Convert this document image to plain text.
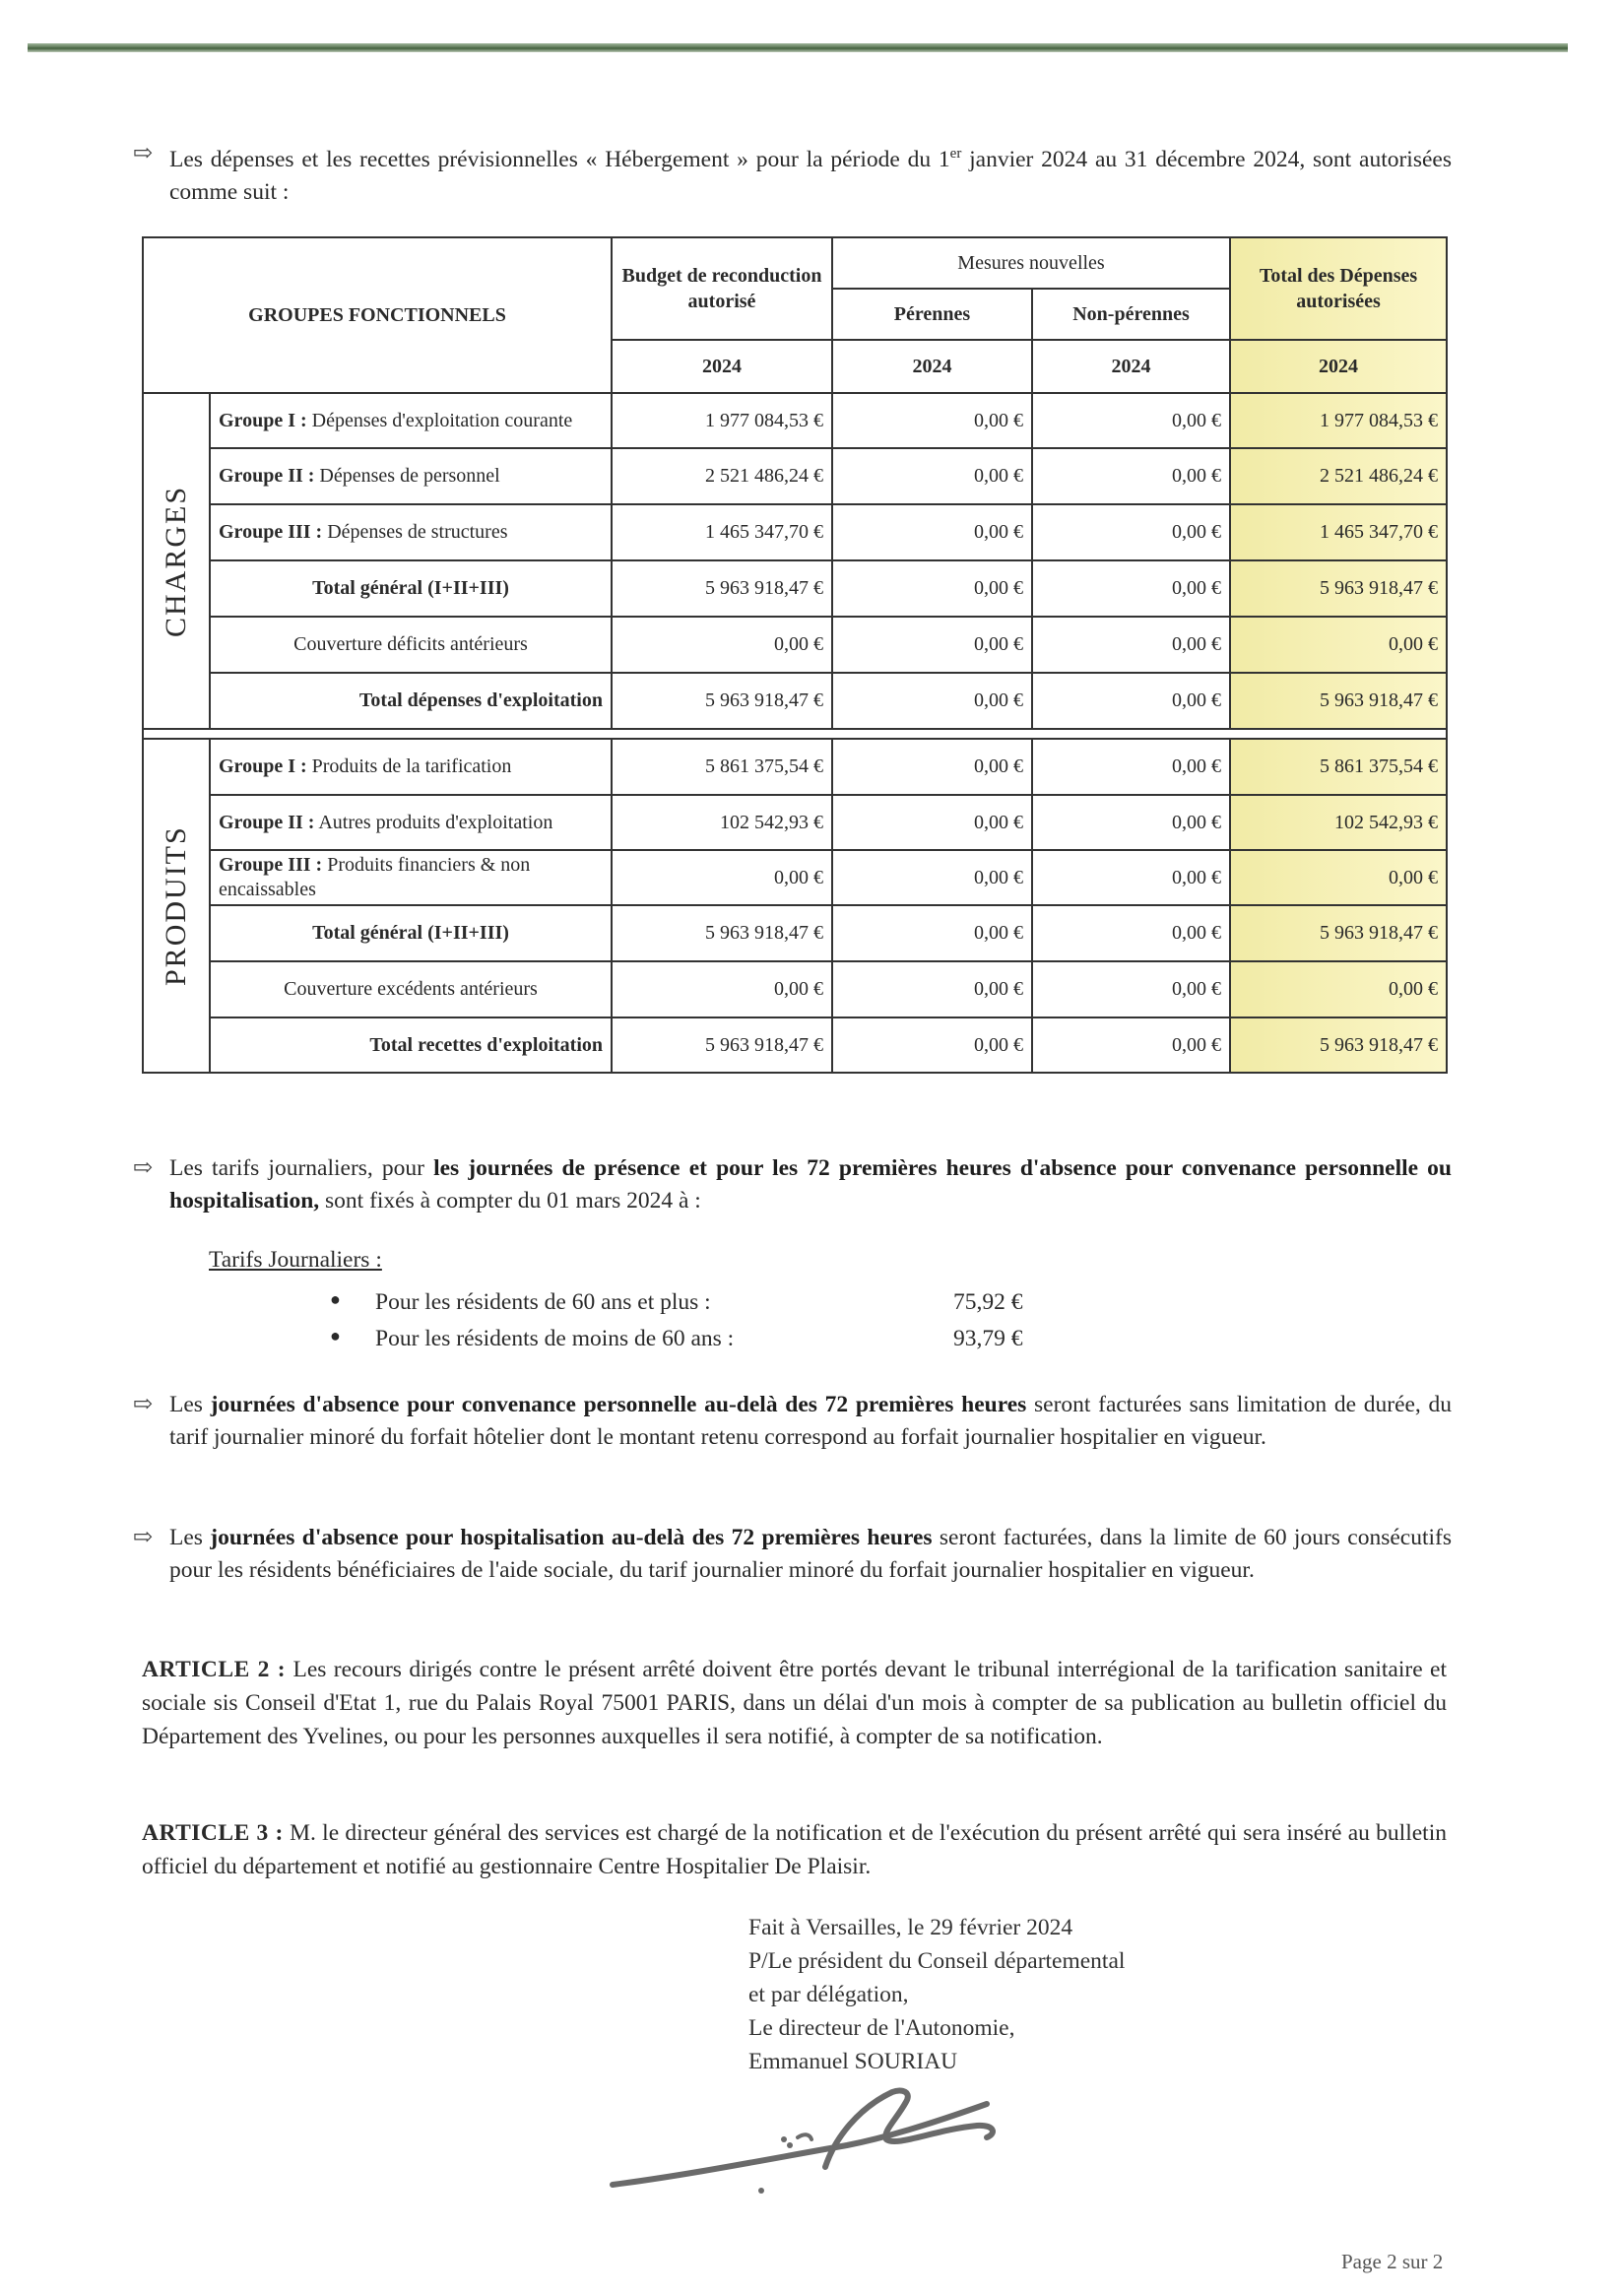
⇨ Les dépenses et les recettes prévisionnelles « Hébergement » pour la période du 1er janvier 2024 au 31 décembre 2024, sont autorisées comme suit :
GROUPES FONCTIONNELS		Budget de reconduction autorisé	Mesures nouvelles		Total des Dépenses autorisées
			Pérennes	Non-pérennes	
		2024	2024	2024	2024
CHARGES	Groupe I : Dépenses d'exploitation courante	1 977 084,53 €	0,00 €	0,00 €	1 977 084,53 €
	Groupe II : Dépenses de personnel	2 521 486,24 €	0,00 €	0,00 €	2 521 486,24 €
	Groupe III : Dépenses de structures	1 465 347,70 €	0,00 €	0,00 €	1 465 347,70 €
	Total général (I+II+III)	5 963 918,47 €	0,00 €	0,00 €	5 963 918,47 €
	Couverture déficits antérieurs	0,00 €	0,00 €	0,00 €	0,00 €
	Total dépenses d'exploitation	5 963 918,47 €	0,00 €	0,00 €	5 963 918,47 €

PRODUITS	Groupe I : Produits de la tarification	5 861 375,54 €	0,00 €	0,00 €	5 861 375,54 €
	Groupe II : Autres produits d'exploitation	102 542,93 €	0,00 €	0,00 €	102 542,93 €
	Groupe III : Produits financiers & non encaissables	0,00 €	0,00 €	0,00 €	0,00 €
	Total général (I+II+III)	5 963 918,47 €	0,00 €	0,00 €	5 963 918,47 €
	Couverture excédents antérieurs	0,00 €	0,00 €	0,00 €	0,00 €
	Total recettes d'exploitation	5 963 918,47 €	0,00 €	0,00 €	5 963 918,47 €
⇨ Les tarifs journaliers, pour les journées de présence et pour les 72 premières heures d'absence pour convenance personnelle ou hospitalisation, sont fixés à compter du 01 mars 2024 à :
Tarifs Journaliers :
● Pour les résidents de 60 ans et plus :	75,92 €
● Pour les résidents de moins de 60 ans :	93,79 €
⇨ Les journées d'absence pour convenance personnelle au-delà des 72 premières heures seront facturées sans limitation de durée, du tarif journalier minoré du forfait hôtelier dont le montant retenu correspond au forfait journalier hospitalier en vigueur.
⇨ Les journées d'absence pour hospitalisation au-delà des 72 premières heures seront facturées, dans la limite de 60 jours consécutifs pour les résidents bénéficiaires de l'aide sociale, du tarif journalier minoré du forfait journalier hospitalier en vigueur.
ARTICLE 2 : Les recours dirigés contre le présent arrêté doivent être portés devant le tribunal interrégional de la tarification sanitaire et sociale sis Conseil d'Etat 1, rue du Palais Royal 75001 PARIS, dans un délai d'un mois à compter de sa publication au bulletin officiel du Département des Yvelines, ou pour les personnes auxquelles il sera notifié, à compter de sa notification.
ARTICLE 3 : M. le directeur général des services est chargé de la notification et de l'exécution du présent arrêté qui sera inséré au bulletin officiel du département et notifié au gestionnaire Centre Hospitalier De Plaisir.
Fait à Versailles, le 29 février 2024
P/Le président du Conseil départemental
et par délégation,
Le directeur de l'Autonomie,
Emmanuel SOURIAU
Page 2 sur 2
